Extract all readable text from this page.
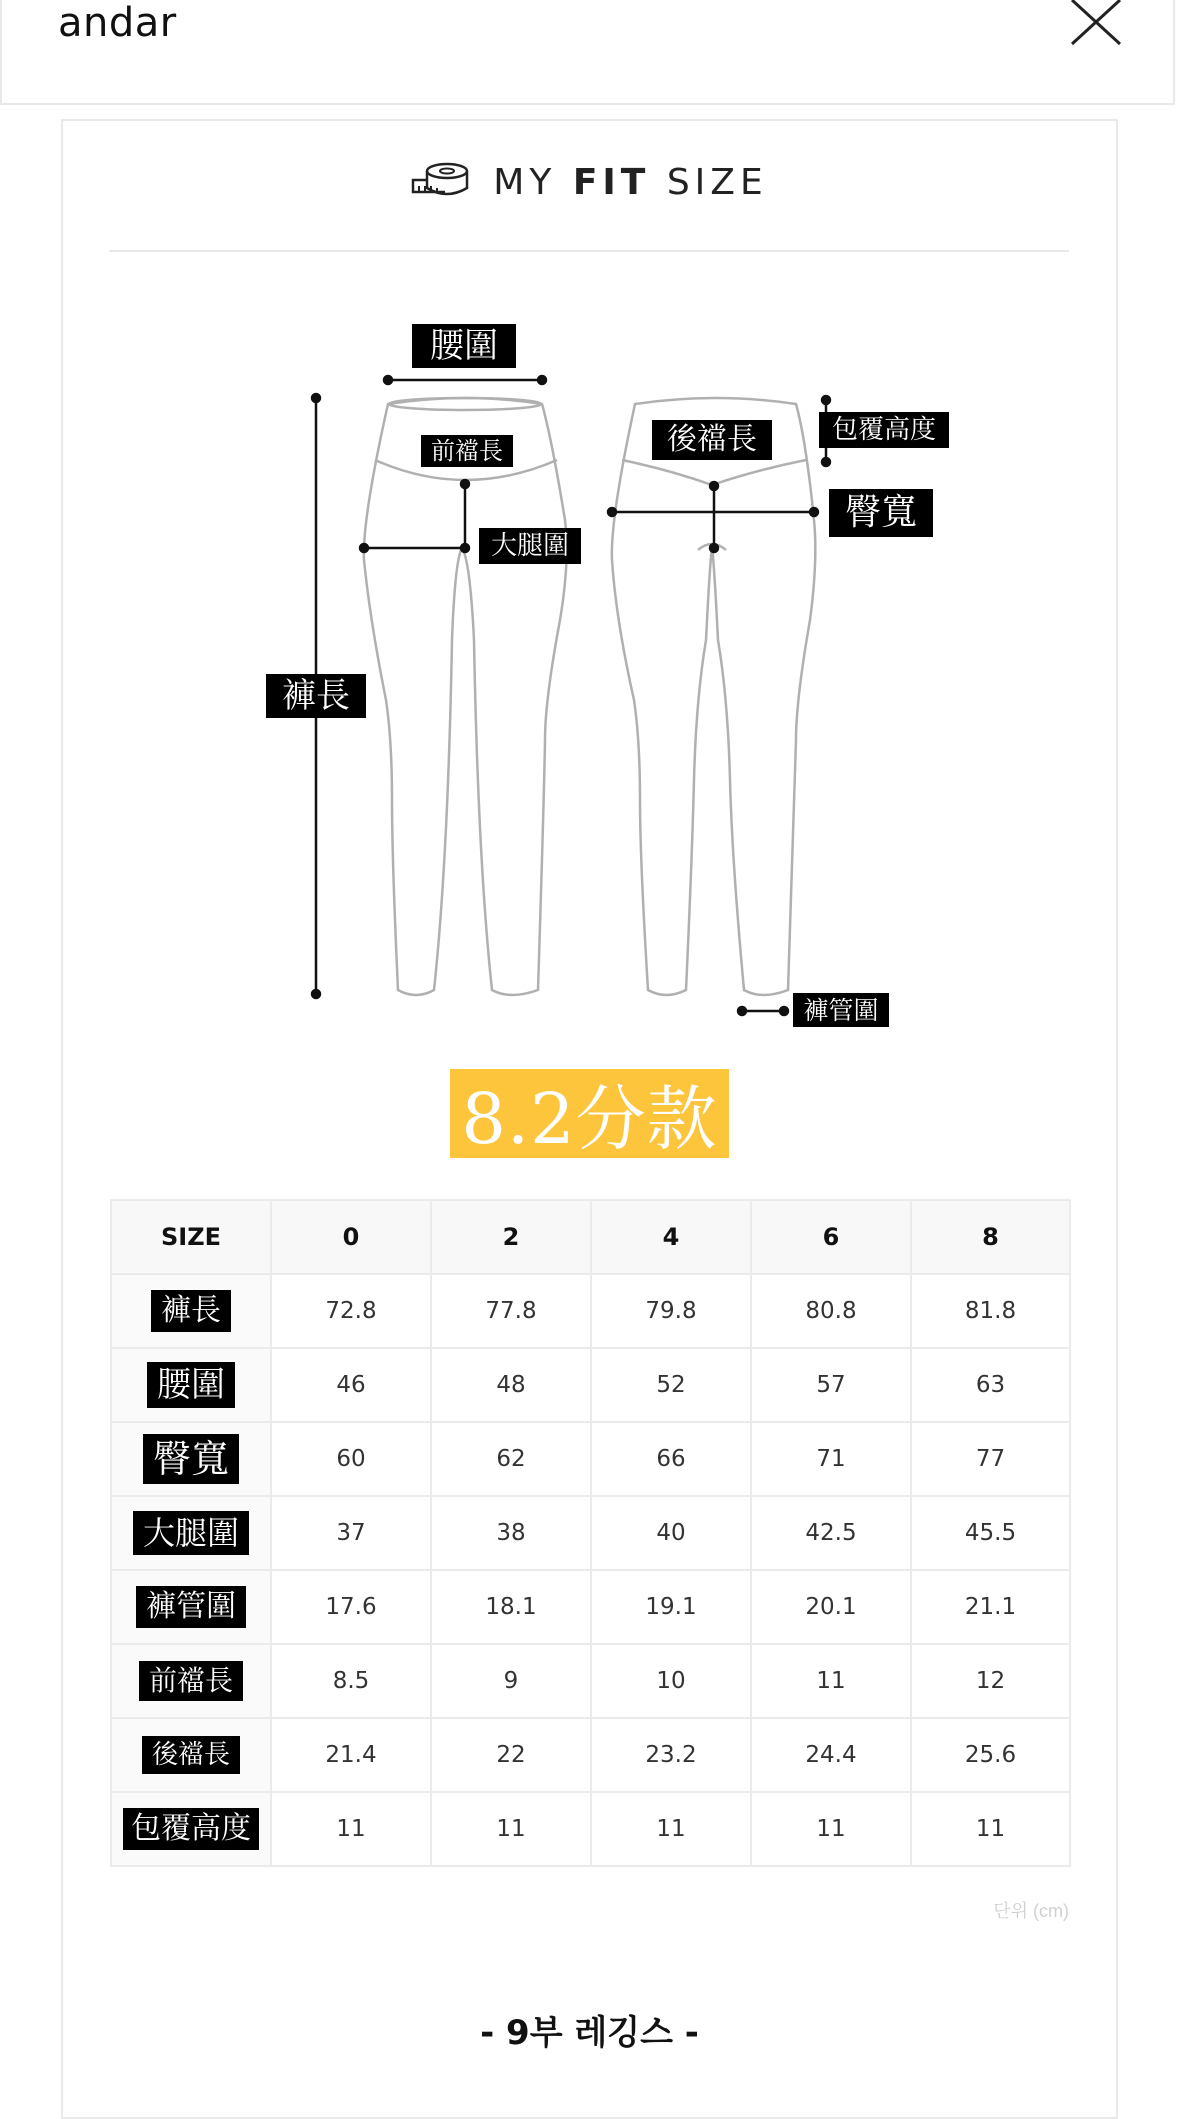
andar
MY FIT SIZE
腰圍
前襠長
大腿圍
褲長
後襠長	包覆高度
臀寬
褲管圍
8.2分款
SIZE	0	2	4	6	8
褲長	72.8	77.8	79.8	80.8	81.8
腰圍	46	48	52	57	63
臀寬	60	62	66	71	77
大腿圍	37	38	40	42.5	45.5
褲管圍	17.6	18.1	19.1	20.1	21.1
前襠長	8.5	9	10	11	12
後襠長	21.4	22	23.2	24.4	25.6
包覆高度	11	11	11	11	11
단위 (cm)
- 9부 레깅스 -
